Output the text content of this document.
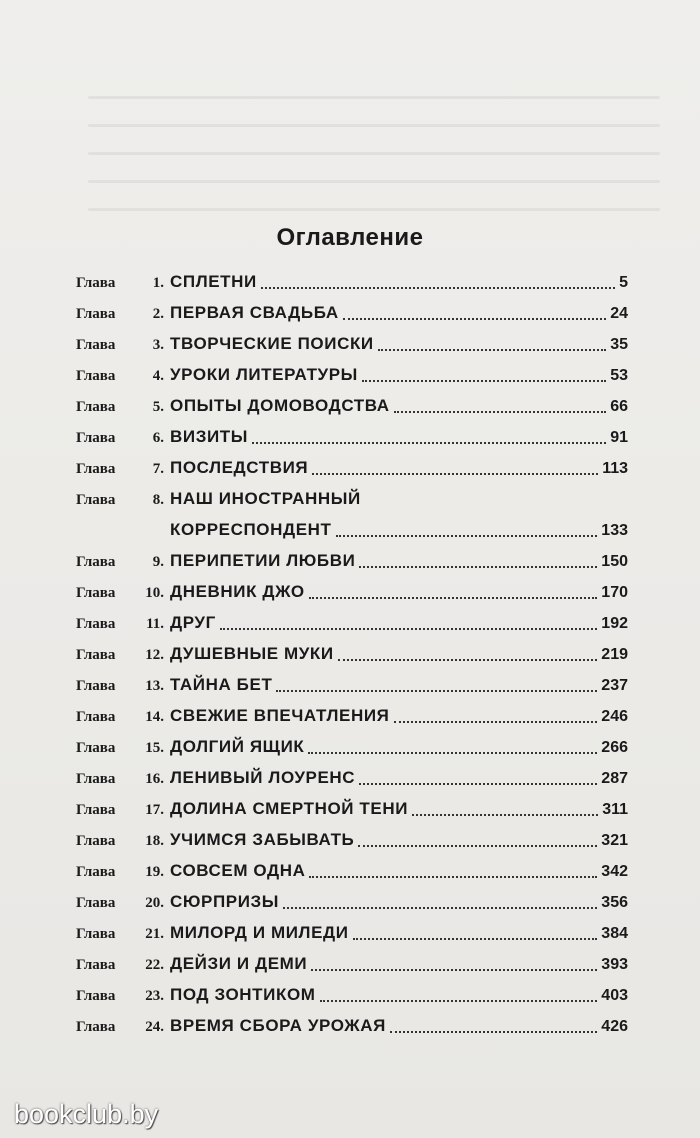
Оглавление
Глава	1. СПЛЕТНИ	5
Глава	2. ПЕРВАЯ СВАДЬБА	24
Глава	3. ТВОРЧЕСКИЕ ПОИСКИ	35
Глава	4. УРОКИ ЛИТЕРАТУРЫ	53
Глава	5. ОПЫТЫ ДОМОВОДСТВА	66
Глава	6. ВИЗИТЫ	91
Глава	7. ПОСЛЕДСТВИЯ	113
Глава	8. НАШ ИНОСТРАННЫЙ
КОРРЕСПОНДЕНТ	133
Глава	9. ПЕРИПЕТИИ ЛЮБВИ	150
Глава	10. ДНЕВНИК ДЖО	170
Глава	11. ДРУГ	192
Глава	12. ДУШЕВНЫЕ МУКИ	219
Глава	13. ТАЙНА БЕТ	237
Глава	14. СВЕЖИЕ ВПЕЧАТЛЕНИЯ	246
Глава	15. ДОЛГИЙ ЯЩИК	266
Глава	16. ЛЕНИВЫЙ ЛОУРЕНС	287
Глава	17. ДОЛИНА СМЕРТНОЙ ТЕНИ	311
Глава	18. УЧИМСЯ ЗАБЫВАТЬ	321
Глава	19. СОВСЕМ ОДНА	342
Глава	20. СЮРПРИЗЫ	356
Глава	21. МИЛОРД И МИЛЕДИ	384
Глава	22. ДЕЙЗИ И ДЕМИ	393
Глава	23. ПОД ЗОНТИКОМ	403
Глава	24. ВРЕМЯ СБОРА УРОЖАЯ	426
bookclub.by
